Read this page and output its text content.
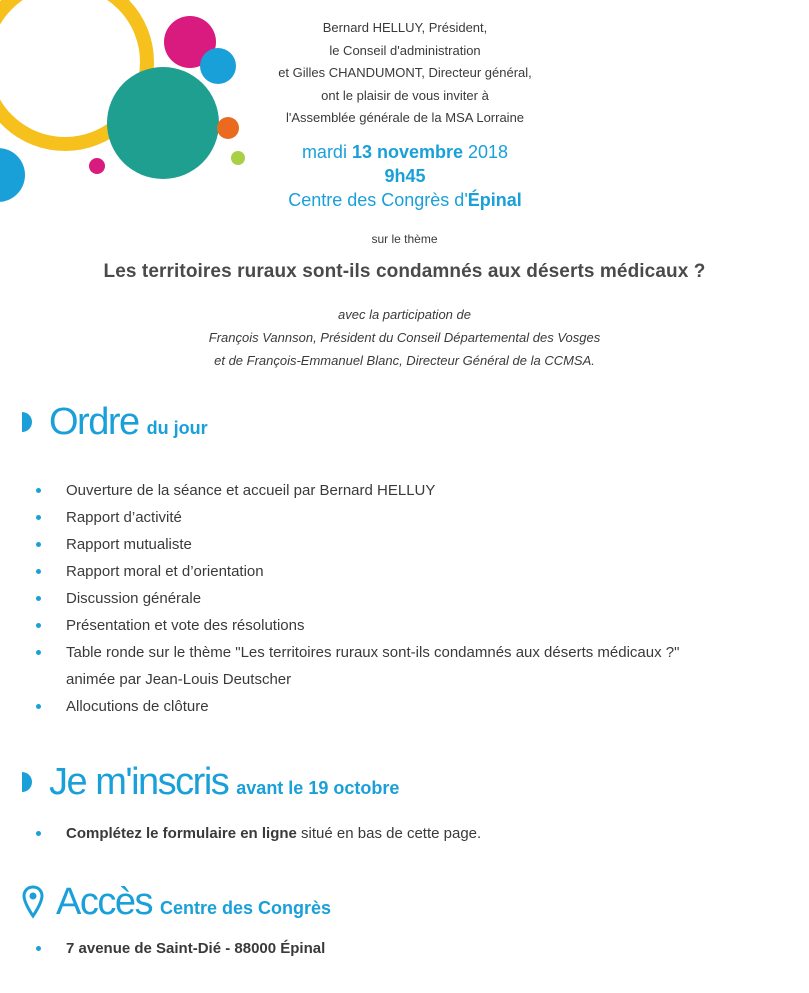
Bernard HELLUY, Président,
le Conseil d'administration
et Gilles CHANDUMONT, Directeur général,
ont le plaisir de vous inviter à
l'Assemblée générale de la MSA Lorraine
mardi 13 novembre 2018
9h45
Centre des Congrès d'Épinal
sur le thème
Les territoires ruraux sont-ils condamnés aux déserts médicaux ?
avec la participation de
François Vannson, Président du Conseil Départemental des Vosges
et de François-Emmanuel Blanc, Directeur Général de la CCMSA.
Ordre du jour
Ouverture de la séance et accueil par Bernard HELLUY
Rapport d’activité
Rapport mutualiste
Rapport moral et d’orientation
Discussion générale
Présentation et vote des résolutions
Table ronde sur le thème "Les territoires ruraux sont-ils condamnés aux déserts médicaux ?"
animée par Jean-Louis Deutscher
Allocutions de clôture
Je m'inscris avant le 19 octobre
Complétez le formulaire en ligne situé en bas de cette page.
Accès Centre des Congrès
7 avenue de Saint-Dié - 88000 Épinal
